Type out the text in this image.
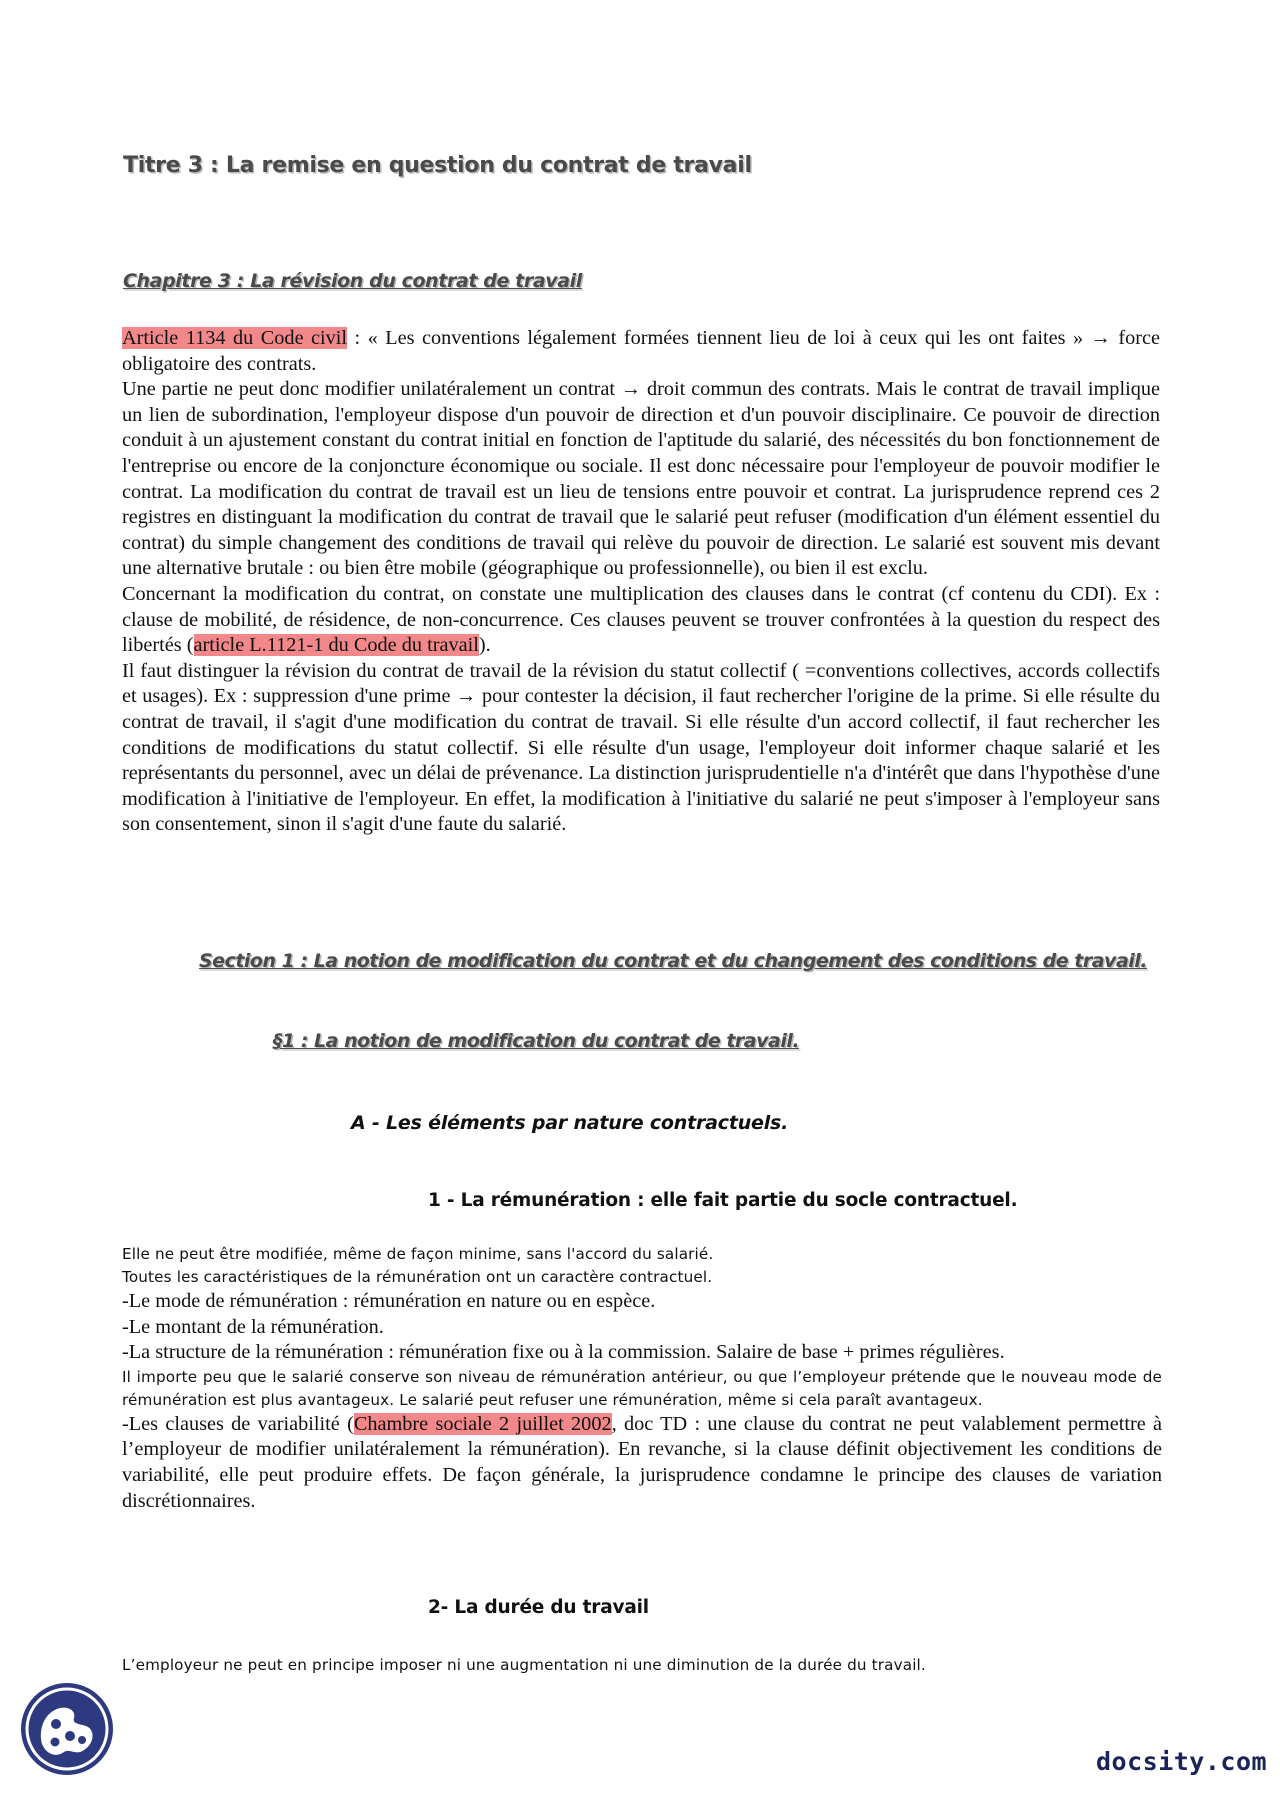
Titre 3 : La remise en question du contrat de travail
Chapitre 3 : La révision du contrat de travail

Article 1134 du Code civil : « Les conventions légalement formées tiennent lieu de loi à ceux qui les ont faites » → force obligatoire des contrats.

Une partie ne peut donc modifier unilatéralement un contrat → droit commun des contrats. Mais le contrat de travail implique un lien de subordination, l'employeur dispose d'un pouvoir de direction et d'un pouvoir disciplinaire. Ce pouvoir de direction conduit à un ajustement constant du contrat initial en fonction de l'aptitude du salarié, des nécessités du bon fonctionnement de l'entreprise ou encore de la conjoncture économique ou sociale. Il est donc nécessaire pour l'employeur de pouvoir modifier le contrat. La modification du contrat de travail est un lieu de tensions entre pouvoir et contrat. La jurisprudence reprend ces 2 registres en distinguant la modification du contrat de travail que le salarié peut refuser (modification d'un élément essentiel du contrat) du simple changement des conditions de travail qui relève du pouvoir de direction. Le salarié est souvent mis devant une alternative brutale : ou bien être mobile (géographique ou professionnelle), ou bien il est exclu.

Concernant la modification du contrat, on constate une multiplication des clauses dans le contrat (cf contenu du CDI). Ex : clause de mobilité, de résidence, de non-concurrence. Ces clauses peuvent se trouver confrontées à la question du respect des libertés (article L.1121-1 du Code du travail).

Il faut distinguer la révision du contrat de travail de la révision du statut collectif ( =conventions collectives, accords collectifs et usages). Ex : suppression d'une prime → pour contester la décision, il faut rechercher l'origine de la prime. Si elle résulte du contrat de travail, il s'agit d'une modification du contrat de travail. Si elle résulte d'un accord collectif, il faut rechercher les conditions de modifications du statut collectif. Si elle résulte d'un usage, l'employeur doit informer chaque salarié et les représentants du personnel, avec un délai de prévenance. La distinction jurisprudentielle n'a d'intérêt que dans l'hypothèse d'une modification à l'initiative de l'employeur. En effet, la modification à l'initiative du salarié ne peut s'imposer à l'employeur sans son consentement, sinon il s'agit d'une faute du salarié.

Section 1 : La notion de modification du contrat et du changement des conditions de travail.
§1 : La notion de modification du contrat de travail.
A - Les éléments par nature contractuels.
1 - La rémunération : elle fait partie du socle contractuel.

Elle ne peut être modifiée, même de façon minime, sans l'accord du salarié.

Toutes les caractéristiques de la rémunération ont un caractère contractuel.

-Le mode de rémunération : rémunération en nature ou en espèce.

-Le montant de la rémunération.

-La structure de la rémunération : rémunération fixe ou à la commission. Salaire de base + primes régulières.

Il importe peu que le salarié conserve son niveau de rémunération antérieur, ou que l’employeur prétende que le nouveau mode de rémunération est plus avantageux. Le salarié peut refuser une rémunération, même si cela paraît avantageux.

-Les clauses de variabilité (Chambre sociale 2 juillet 2002, doc TD : une clause du contrat ne peut valablement permettre à l’employeur de modifier unilatéralement la rémunération). En revanche, si la clause définit objectivement les conditions de variabilité, elle peut produire effets. De façon générale, la jurisprudence condamne le principe des clauses de variation discrétionnaires.

2- La durée du travail

L’employeur ne peut en principe imposer ni une augmentation ni une diminution de la durée du travail.

docsity.com
